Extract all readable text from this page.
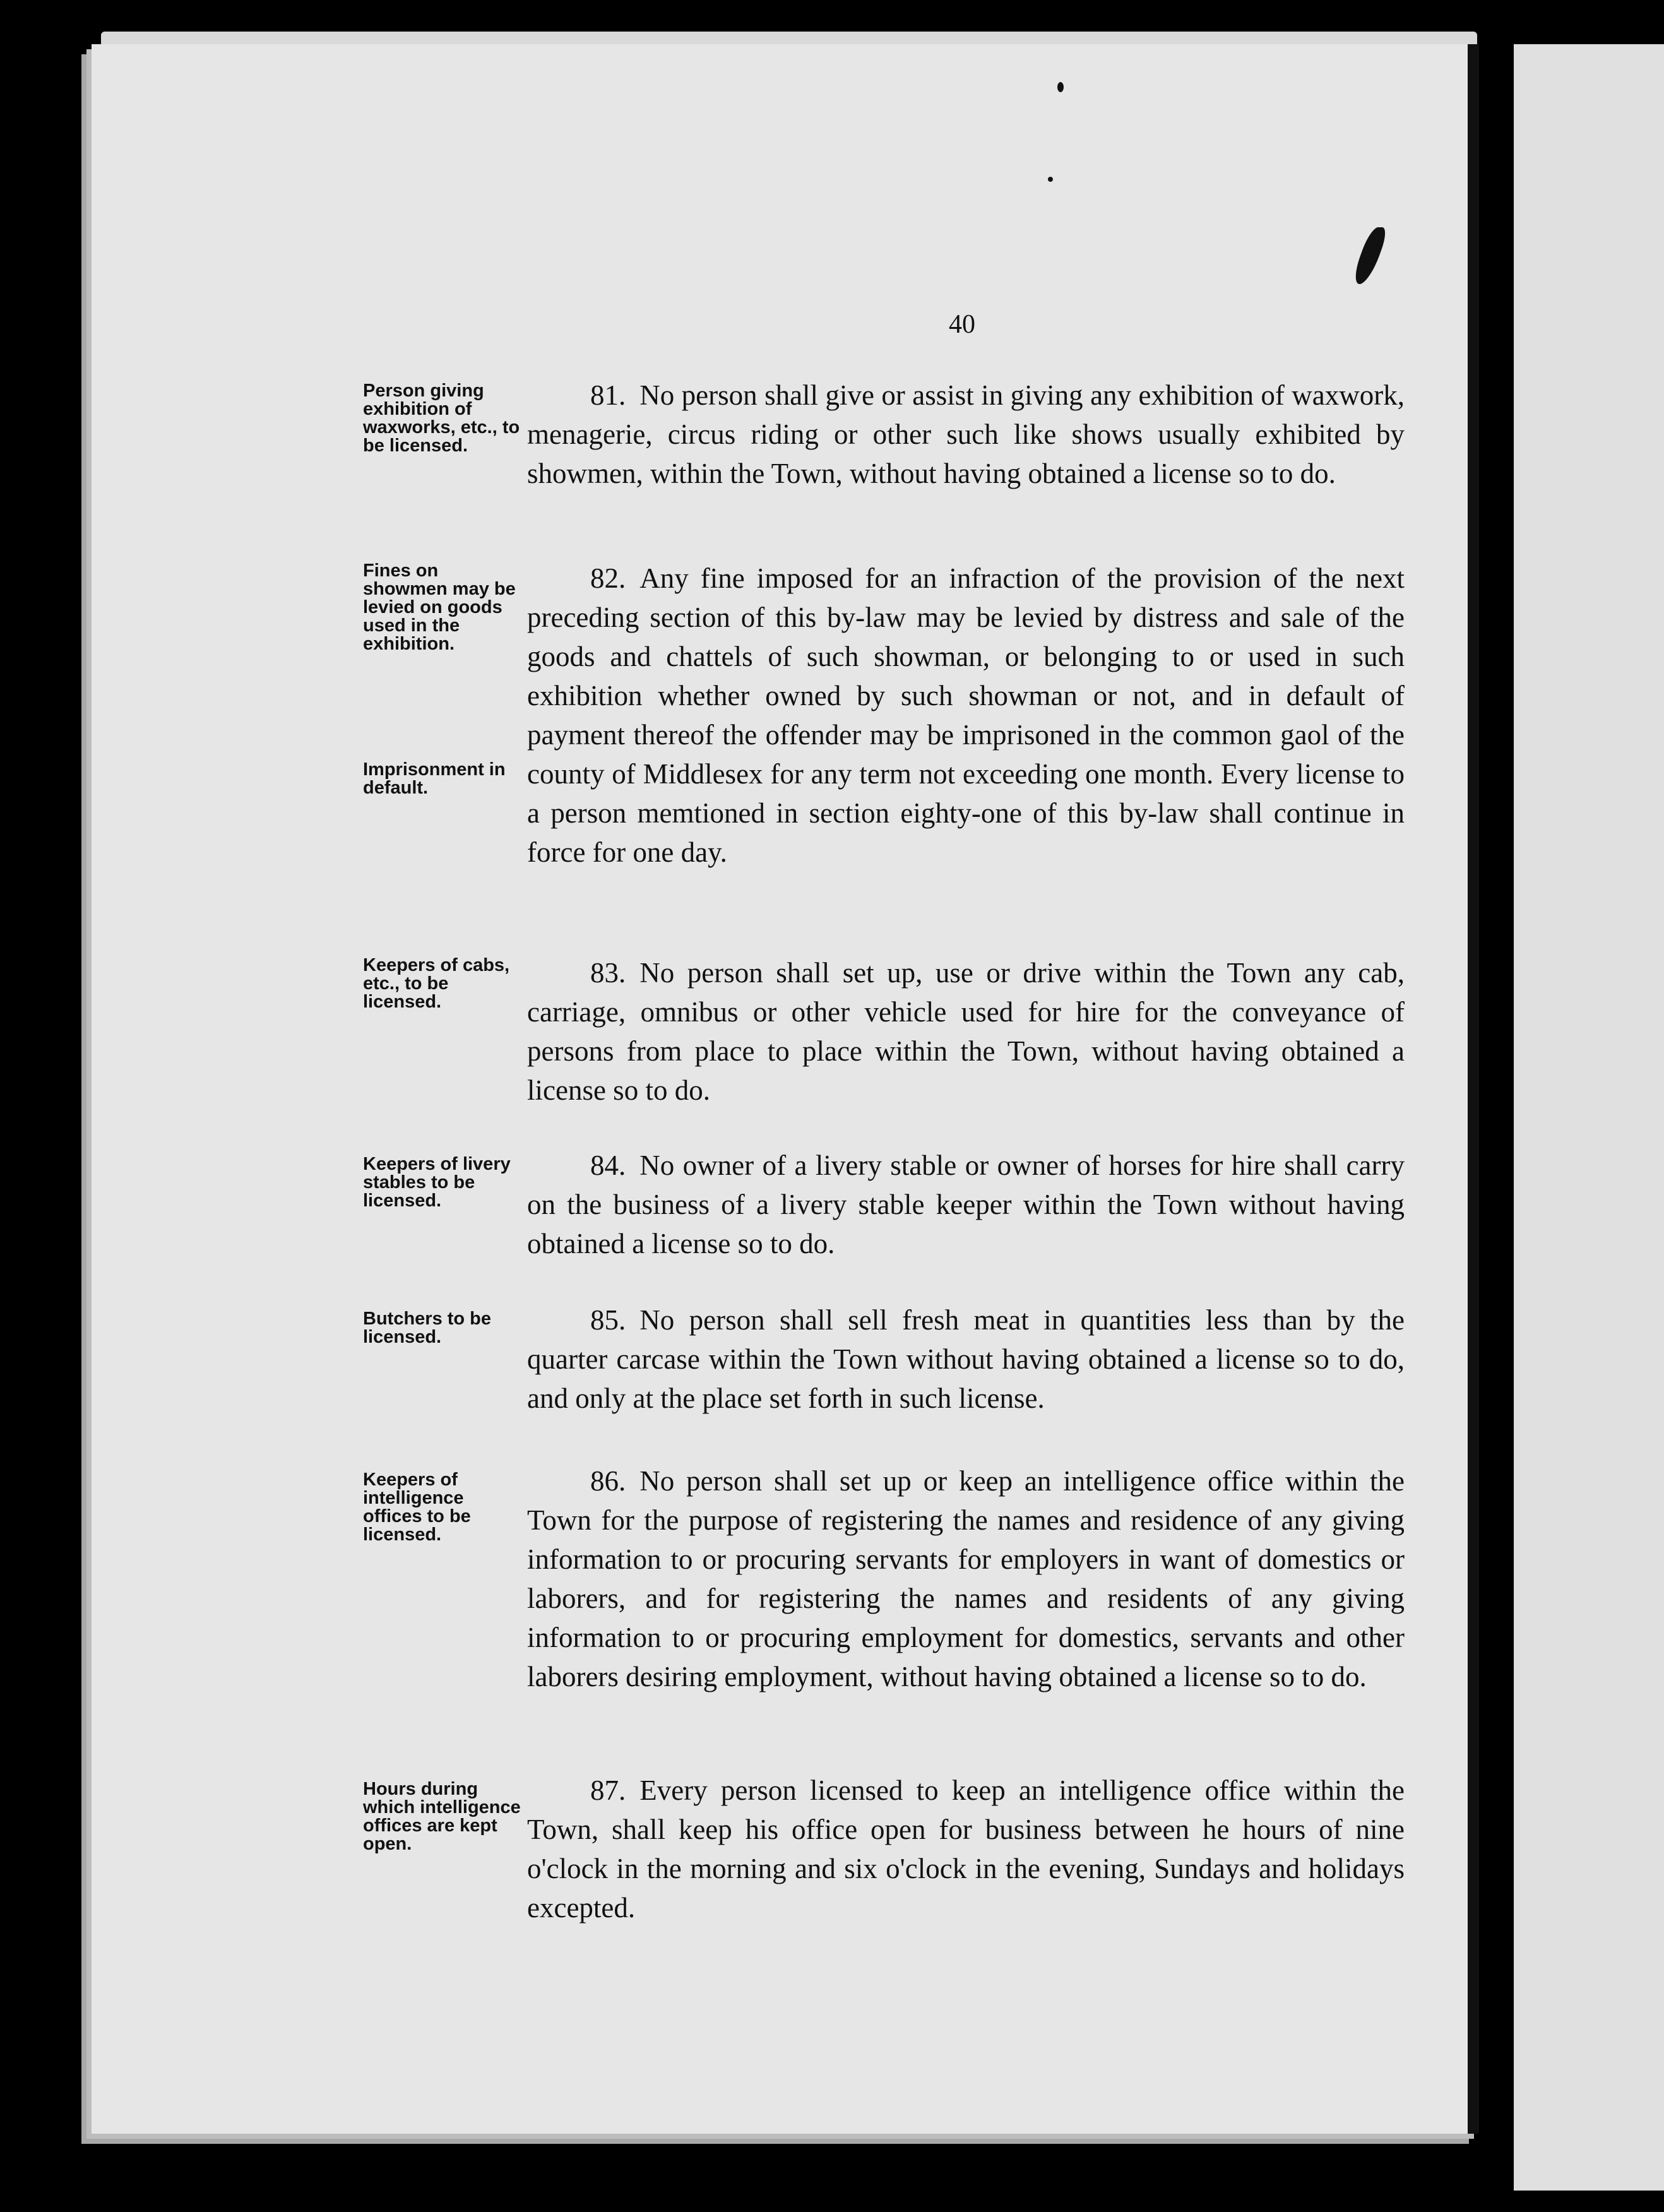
40
Person giving exhibition of waxworks, etc., to be licensed.
81. No person shall give or assist in giving any exhibition of waxwork, menagerie, circus riding or other such like shows usually exhibited by showmen, within the Town, without having obtained a license so to do.
Fines on showmen may be levied on goods used in the exhibition.
Imprisonment in default.
82. Any fine imposed for an infraction of the provision of the next preceding section of this by-law may be levied by distress and sale of the goods and chattels of such showman, or belonging to or used in such exhibition whether owned by such showman or not, and in default of payment thereof the offender may be imprisoned in the common gaol of the county of Middlesex for any term not exceeding one month. Every license to a person memtioned in section eighty-one of this by-law shall continue in force for one day.
Keepers of cabs, etc., to be licensed.
83. No person shall set up, use or drive within the Town any cab, carriage, omnibus or other vehicle used for hire for the conveyance of persons from place to place within the Town, without having obtained a license so to do.
Keepers of livery stables to be licensed.
84. No owner of a livery stable or owner of horses for hire shall carry on the business of a livery stable keeper within the Town without having obtained a license so to do.
Butchers to be licensed.
85. No person shall sell fresh meat in quantities less than by the quarter carcase within the Town without having obtained a license so to do, and only at the place set forth in such license.
Keepers of intelligence offices to be licensed.
86. No person shall set up or keep an intelligence office within the Town for the purpose of registering the names and residence of any giving information to or procuring servants for employers in want of domestics or laborers, and for registering the names and residents of any giving information to or procuring employment for domestics, servants and other laborers desiring employment, without having obtained a license so to do.
Hours during which intelligence offices are kept open.
87. Every person licensed to keep an intelligence office within the Town, shall keep his office open for business between he hours of nine o'clock in the morning and six o'clock in the evening, Sundays and holidays excepted.
